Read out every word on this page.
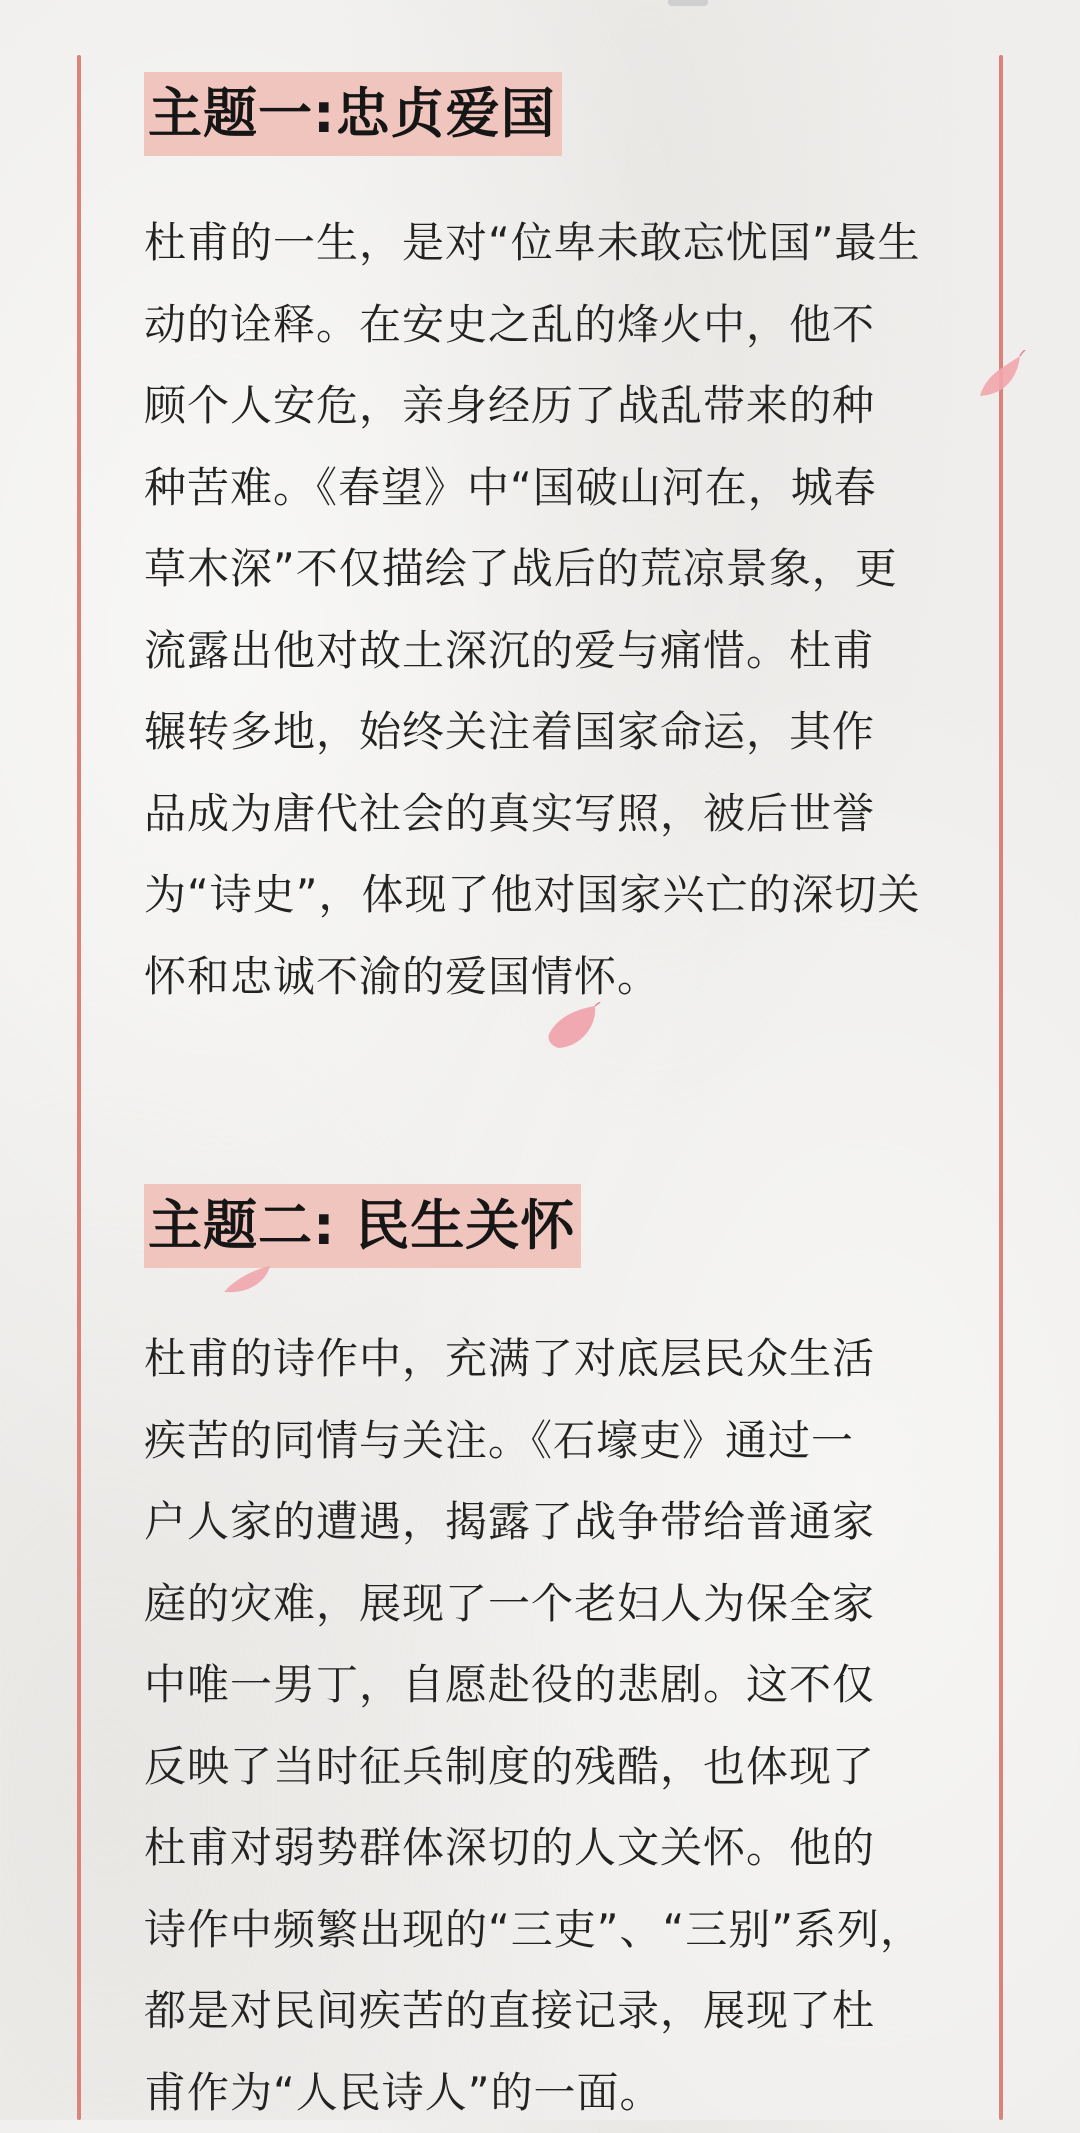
主题一:忠贞爱国
杜甫的一生，是对“位卑未敢忘忧国”最生
动的诠释。在安史之乱的烽火中，他不
顾个人安危，亲身经历了战乱带来的种
种苦难。《春望》中“国破山河在，城春
草木深”不仅描绘了战后的荒凉景象，更
流露出他对故土深沉的爱与痛惜。杜甫
辗转多地，始终关注着国家命运，其作
品成为唐代社会的真实写照，被后世誉
为“诗史”，体现了他对国家兴亡的深切关
怀和忠诚不渝的爱国情怀。
主题二: 民生关怀
杜甫的诗作中，充满了对底层民众生活
疾苦的同情与关注。《石壕吏》通过一
户人家的遭遇，揭露了战争带给普通家
庭的灾难，展现了一个老妇人为保全家
中唯一男丁，自愿赴役的悲剧。这不仅
反映了当时征兵制度的残酷，也体现了
杜甫对弱势群体深切的人文关怀。他的
诗作中频繁出现的“三吏”、“三别”系列，
都是对民间疾苦的直接记录，展现了杜
甫作为“人民诗人”的一面。
